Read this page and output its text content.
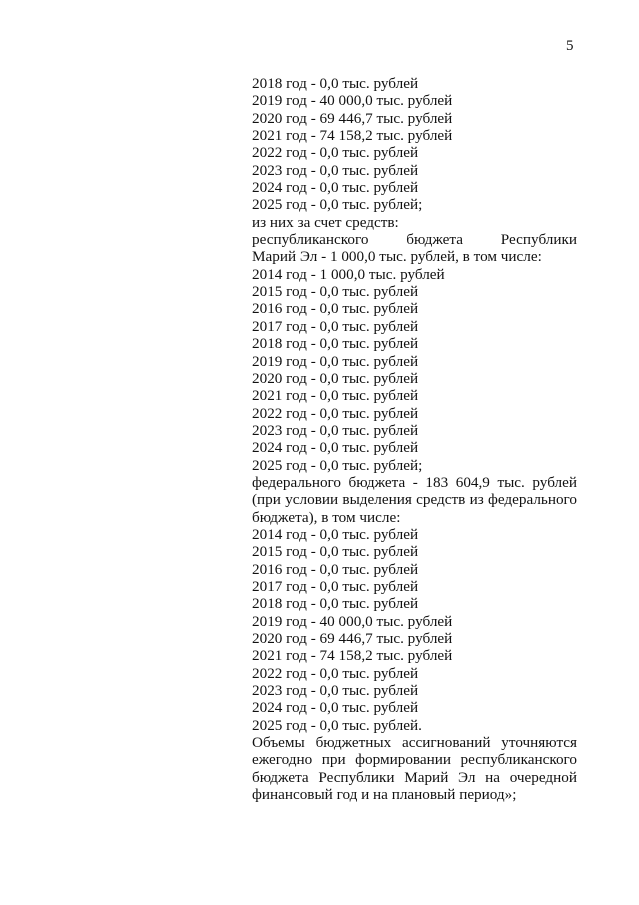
5
2018 год - 0,0 тыс. рублей
2019 год - 40 000,0 тыс. рублей
2020 год - 69 446,7 тыс. рублей
2021 год - 74 158,2 тыс. рублей
2022 год - 0,0 тыс. рублей
2023 год - 0,0 тыс. рублей
2024 год - 0,0 тыс. рублей
2025 год - 0,0 тыс. рублей;
из них за счет средств:
республиканского бюджета Республики
Марий Эл - 1 000,0 тыс. рублей, в том числе:
2014 год - 1 000,0 тыс. рублей
2015 год - 0,0 тыс. рублей
2016 год - 0,0 тыс. рублей
2017 год - 0,0 тыс. рублей
2018 год - 0,0 тыс. рублей
2019 год - 0,0 тыс. рублей
2020 год - 0,0 тыс. рублей
2021 год - 0,0 тыс. рублей
2022 год - 0,0 тыс. рублей
2023 год - 0,0 тыс. рублей
2024 год - 0,0 тыс. рублей
2025 год - 0,0 тыс. рублей;
федерального бюджета - 183 604,9 тыс. рублей
(при условии выделения средств из федерального
бюджета), в том числе:
2014 год - 0,0 тыс. рублей
2015 год - 0,0 тыс. рублей
2016 год - 0,0 тыс. рублей
2017 год - 0,0 тыс. рублей
2018 год - 0,0 тыс. рублей
2019 год - 40 000,0 тыс. рублей
2020 год - 69 446,7 тыс. рублей
2021 год - 74 158,2 тыс. рублей
2022 год - 0,0 тыс. рублей
2023 год - 0,0 тыс. рублей
2024 год - 0,0 тыс. рублей
2025 год - 0,0 тыс. рублей.
Объемы бюджетных ассигнований уточняются
ежегодно при формировании республиканского
бюджета Республики Марий Эл на очередной
финансовый год и на плановый период»;
